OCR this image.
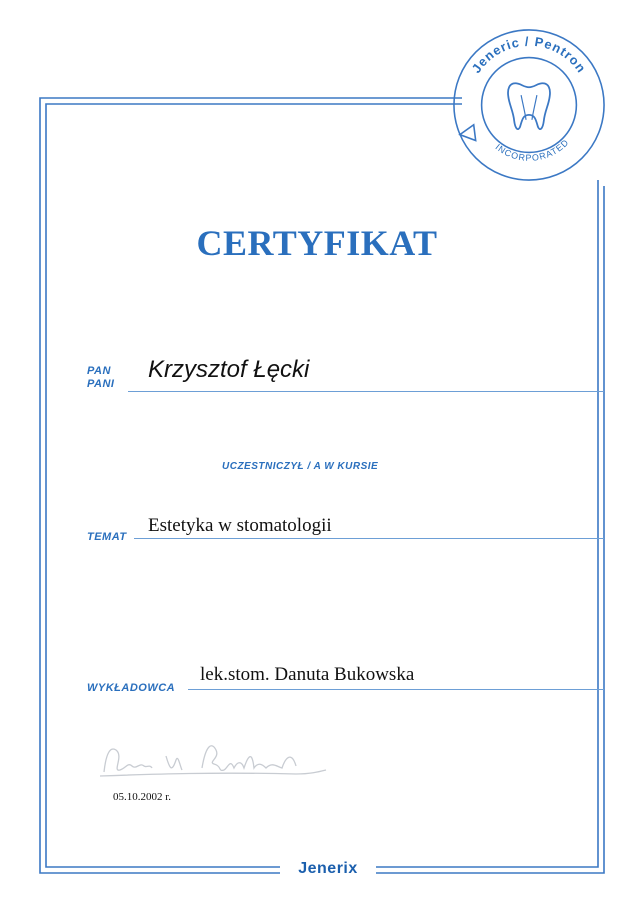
Jeneric / Pentron
INCORPORATED
CERTYFIKAT
PAN
PANI
Krzysztof Łęcki
UCZESTNICZYŁ / A W KURSIE
TEMAT
Estetyka w stomatologii
WYKŁADOWCA
lek.stom. Danuta Bukowska
05.10.2002 r.
Jenerix
